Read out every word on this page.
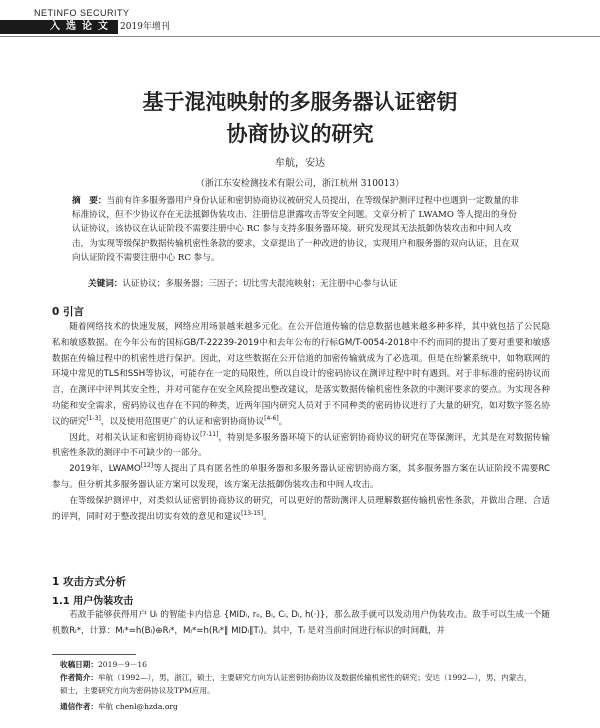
NETINFO SECURITY
入选论文 2019年增刊
基于混沌映射的多服务器认证密钥
协商协议的研究
牟航，安达
（浙江东安检测技术有限公司，浙江杭州 310013）
摘　要：当前有许多服务器用户身份认证和密钥协商协议被研究人员提出，在等级保护测评过程中也遇到一定数量的非标准协议，但不少协议存在无法抵御伪装攻击、注册信息泄露攻击等安全问题。文章分析了 LWAMO 等人提出的身份认证协议，该协议在认证阶段不需要注册中心 RC 参与支持多服务器环境。研究发现其无法抵御伪装攻击和中间人攻击，为实现等级保护数据传输机密性条款的要求，文章提出了一种改进的协议，实现用户和服务器的双向认证，且在双向认证阶段不需要注册中心 RC 参与。
关键词：认证协议；多服务器；三因子；切比雪夫混沌映射；无注册中心参与认证
0 引言

随着网络技术的快速发展，网络应用场景越来越多元化。在公开信道传输的信息数据也越来越多种多样，其中就包括了公民隐私和敏感数据。在今年公布的国标GB/T-22239-2019中和去年公布的行标GM/T-0054-2018中不约而同的提出了要对重要和敏感数据在传输过程中的机密性进行保护。因此，对这些数据在公开信道的加密传输就成为了必选项。但是在纷繁系统中，如物联网的环境中常见的TLS和SSH等协议，可能存在一定的局限性，所以自设计的密码协议在测评过程中时有遇到。对于非标准的密码协议而言，在测评中评判其安全性，并对可能存在安全风险提出整改建议，是落实数据传输机密性条款的中测评要求的要点。为实现各种功能和安全需求，密码协议也存在不同的种类，近两年国内研究人员对于不同种类的密码协议进行了大量的研究，如对数字签名协议的研究[1-3]，以及使用范围更广的认证和密钥协商协议[4-6]。

因此，对相关认证和密钥协商协议[7-11]，特别是多服务器环境下的认证密钥协商协议的研究在等保测评，尤其是在对数据传输机密性条款的测评中不可缺少的一部分。

2019年，LWAMO[12]等人提出了具有匿名性的单服务器和多服务器认证密钥协商方案，其多服务器方案在认证阶段不需要RC参与。但分析其多服务器认证方案可以发现，该方案无法抵御伪装攻击和中间人攻击。

在等级保护测评中，对类似认证密钥协商协议的研究，可以更好的帮助测评人员理解数据传输机密性条款，并做出合理、合适的评判，同时对于整改提出切实有效的意见和建议[13-15]。

1 攻击方式分析
1.1 用户伪装攻击
若敌手能够获得用户 Uᵢ 的智能卡内信息 {MIDᵢ, rₒ, Bᵢ, Cᵢ, Dᵢ, h(·)}，那么敌手就可以发动用户伪装攻击。敌手可以生成一个随机数Rᵢ*，计算：Mᵢ*=h(Bᵢ)⊕Rᵢ*，Mᵢ*=h(Rᵢ*‖ MIDᵢ‖Tᵢ)。其中，Tᵢ 是对当前时间进行标识的时间戳，并
收稿日期：2019－9－16
作者简介：牟航（1992—），男，浙江，硕士，主要研究方向为认证密钥协商协议及数据传输机密性的研究；安达（1992—），男，内蒙古，硕士，主要研究方向为密码协议及TPM应用。
通信作者：牟航 chenl@hzda.org
